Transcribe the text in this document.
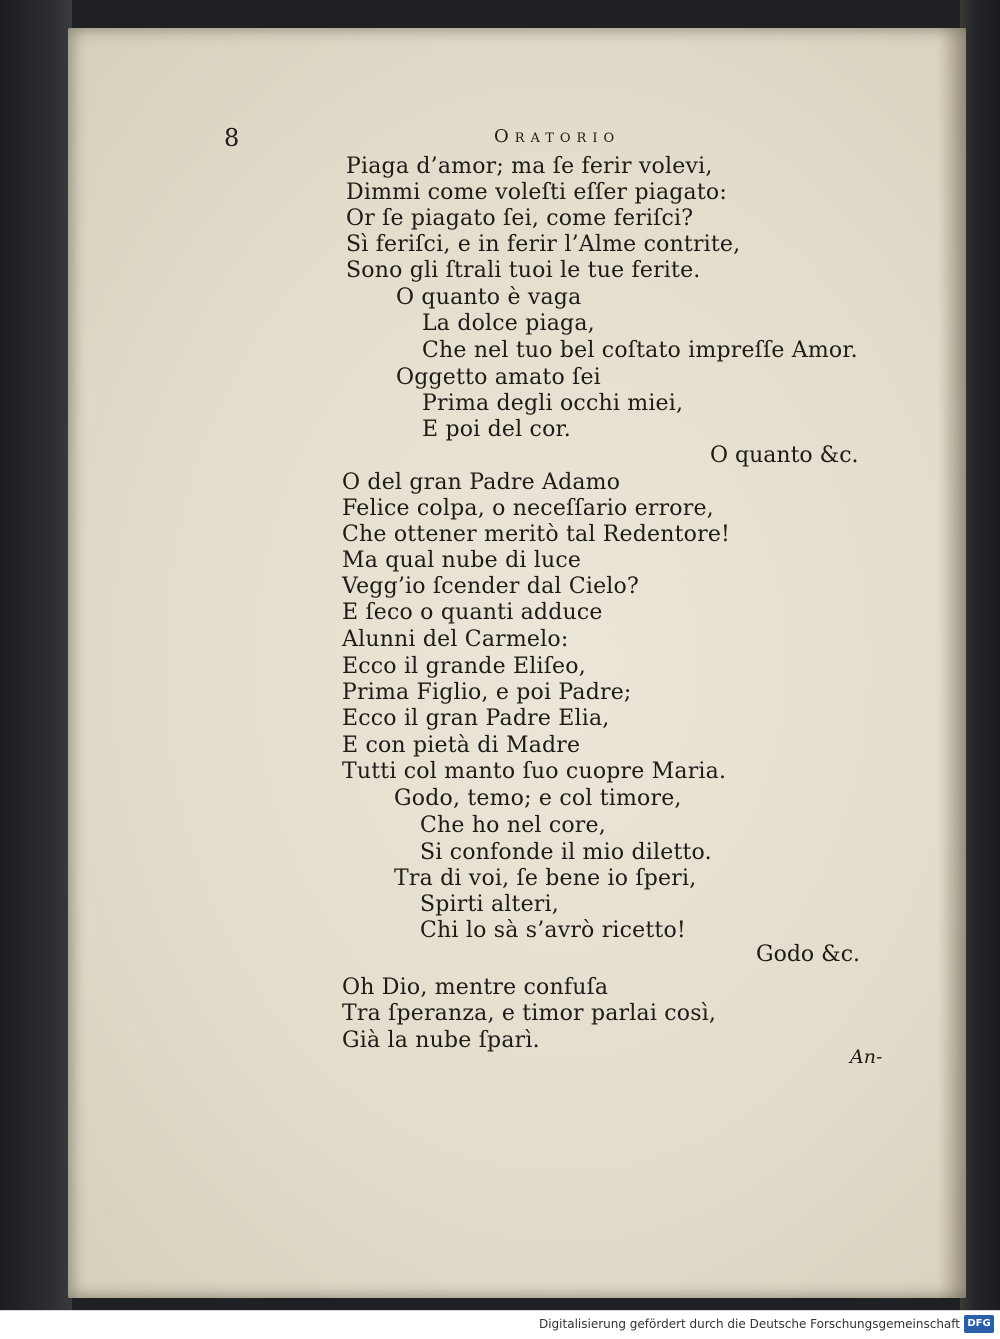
8	Oratorio
Piaga d’amor; ma ſe ferir volevi,
Dimmi come voleſti eſſer piagato:
Or ſe piagato ſei, come feriſci?
Sì feriſci, e in ferir l’Alme contrite,
Sono gli ſtrali tuoi le tue ferite.
O quanto è vaga
La dolce piaga,
Che nel tuo bel coſtato impreſſe Amor.
Oggetto amato ſei
Prima degli occhi miei,
E poi del cor.
O quanto &c.
O del gran Padre Adamo
Felice colpa, o neceſſario errore,
Che ottener meritò tal Redentore!
Ma qual nube di luce
Vegg’io ſcender dal Cielo?
E ſeco o quanti adduce
Alunni del Carmelo:
Ecco il grande Eliſeo,
Prima Figlio, e poi Padre;
Ecco il gran Padre Elia,
E con pietà di Madre
Tutti col manto ſuo cuopre Maria.
Godo, temo; e col timore,
Che ho nel core,
Si confonde il mio diletto.
Tra di voi, ſe bene io ſperi,
Spirti alteri,
Chi lo sà s’avrò ricetto!
Godo &c.
Oh Dio, mentre confuſa
Tra ſperanza, e timor parlai così,
Già la nube ſparì.
An-
Digitalisierung gefördert durch die Deutsche Forschungsgemeinschaft DFG
